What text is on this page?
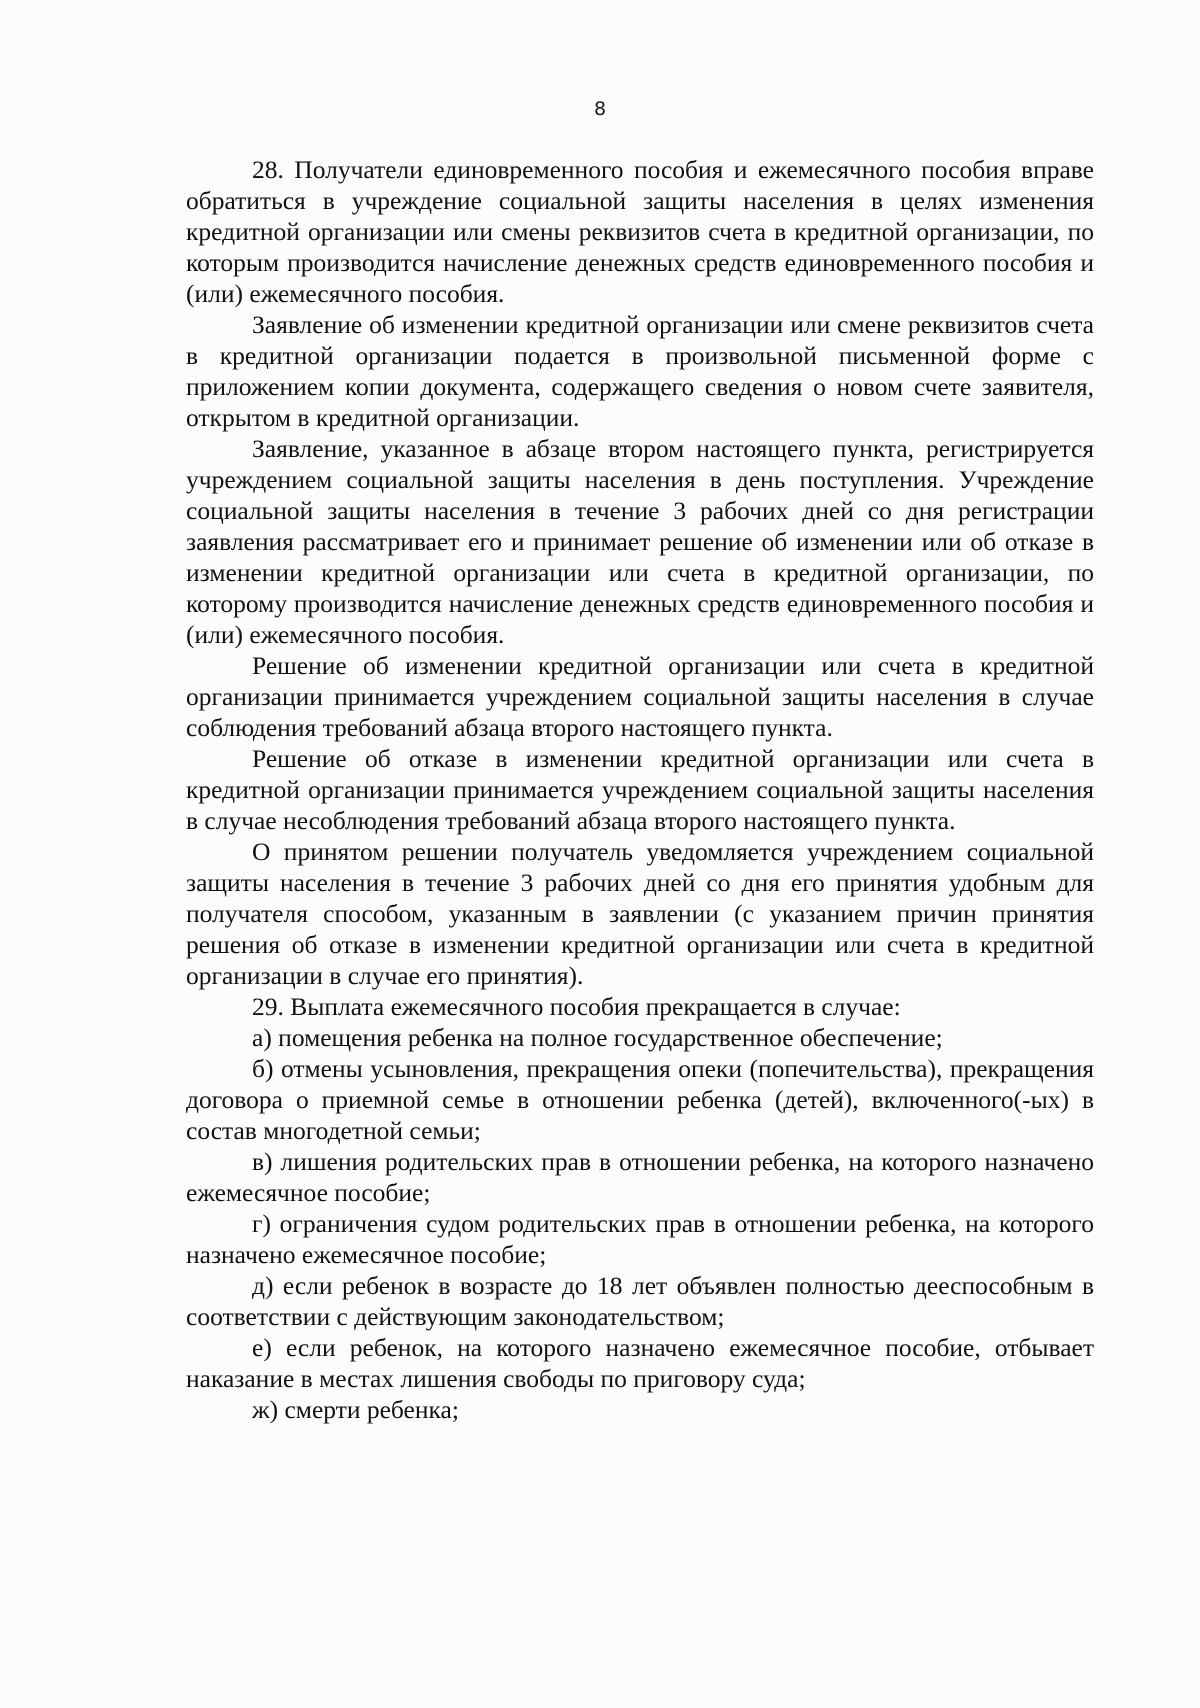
8

28. Получатели единовременного пособия и ежемесячного пособия вправе обратиться в учреждение социальной защиты населения в целях изменения кредитной организации или смены реквизитов счета в кредитной организации, по которым производится начисление денежных средств единовременного пособия и (или) ежемесячного пособия.

Заявление об изменении кредитной организации или смене реквизитов счета в кредитной организации подается в произвольной письменной форме с приложением копии документа, содержащего сведения о новом счете заявителя, открытом в кредитной организации.

Заявление, указанное в абзаце втором настоящего пункта, регистрируется учреждением социальной защиты населения в день поступления. Учреждение социальной защиты населения в течение 3 рабочих дней со дня регистрации заявления рассматривает его и принимает решение об изменении или об отказе в изменении кредитной организации или счета в кредитной организации, по которому производится начисление денежных средств единовременного пособия и (или) ежемесячного пособия.

Решение об изменении кредитной организации или счета в кредитной организации принимается учреждением социальной защиты населения в случае соблюдения требований абзаца второго настоящего пункта.

Решение об отказе в изменении кредитной организации или счета в кредитной организации принимается учреждением социальной защиты населения в случае несоблюдения требований абзаца второго настоящего пункта.

О принятом решении получатель уведомляется учреждением социальной защиты населения в течение 3 рабочих дней со дня его принятия удобным для получателя способом, указанным в заявлении (с указанием причин принятия решения об отказе в изменении кредитной организации или счета в кредитной организации в случае его принятия).

29. Выплата ежемесячного пособия прекращается в случае:

а) помещения ребенка на полное государственное обеспечение;

б) отмены усыновления, прекращения опеки (попечительства), прекращения договора о приемной семье в отношении ребенка (детей), включенного(-ых) в состав многодетной семьи;

в) лишения родительских прав в отношении ребенка, на которого назначено ежемесячное пособие;

г) ограничения судом родительских прав в отношении ребенка, на которого назначено ежемесячное пособие;

д) если ребенок в возрасте до 18 лет объявлен полностью дееспособным в соответствии с действующим законодательством;

е) если ребенок, на которого назначено ежемесячное пособие, отбывает наказание в местах лишения свободы по приговору суда;

ж) смерти ребенка;
